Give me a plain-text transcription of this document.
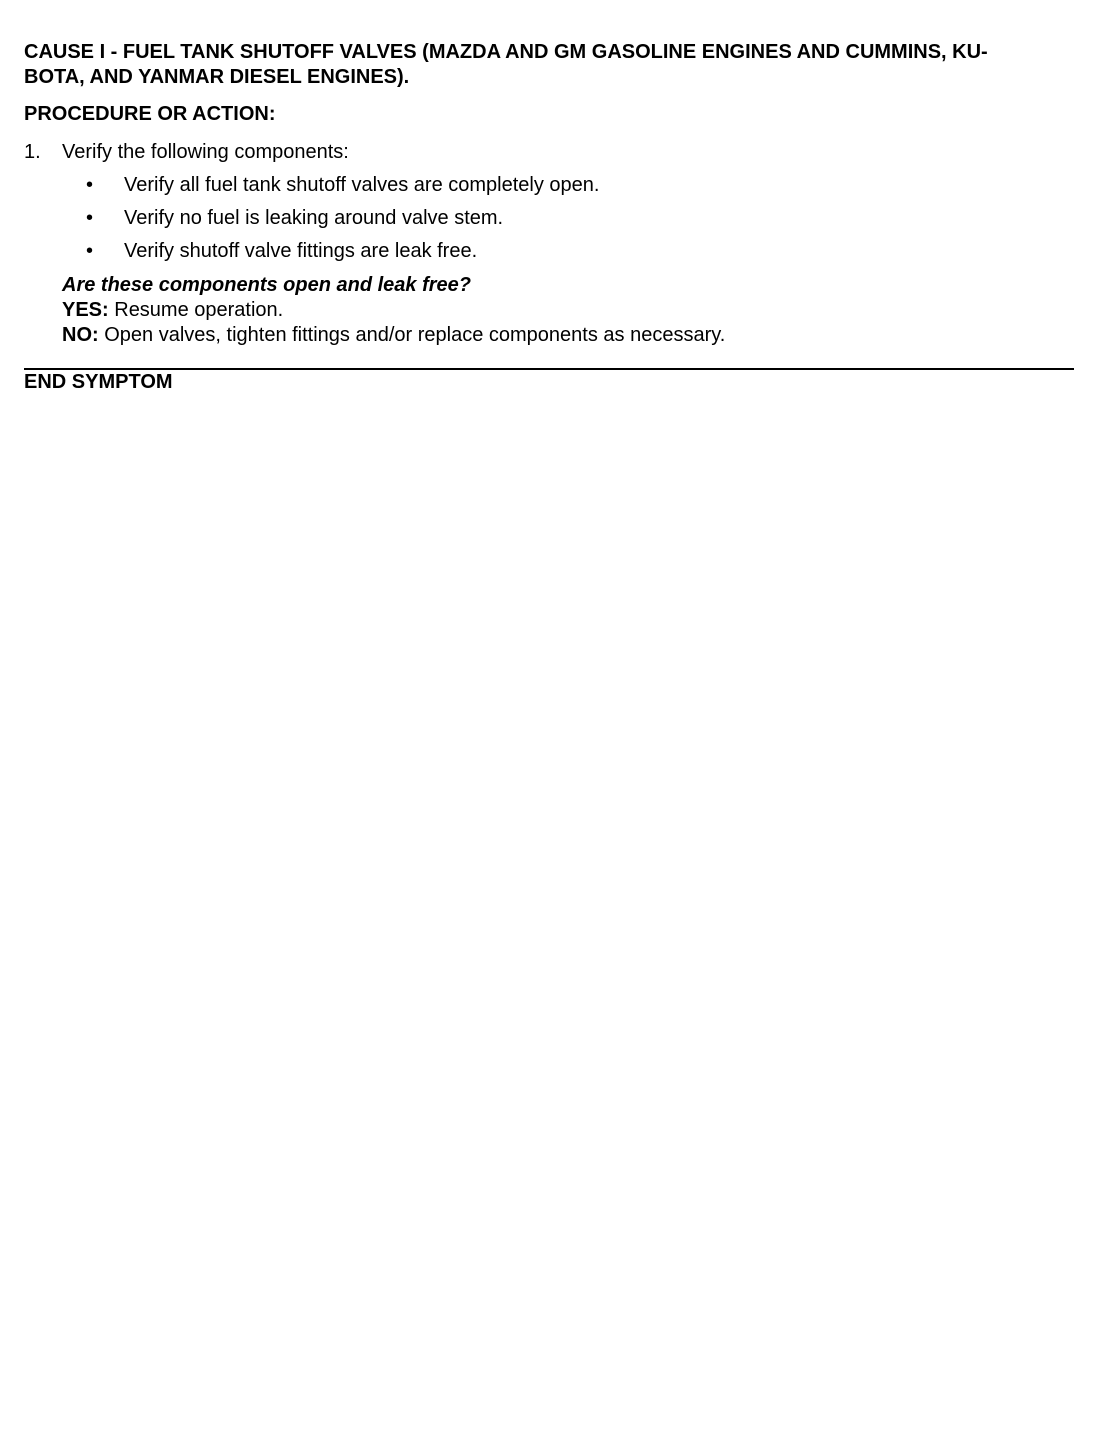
CAUSE I - FUEL TANK SHUTOFF VALVES (MAZDA AND GM GASOLINE ENGINES AND CUMMINS, KU-
BOTA, AND YANMAR DIESEL ENGINES).
PROCEDURE OR ACTION:
1. Verify the following components:
• Verify all fuel tank shutoff valves are completely open.
• Verify no fuel is leaking around valve stem.
• Verify shutoff valve fittings are leak free.
Are these components open and leak free?
YES: Resume operation.
NO: Open valves, tighten fittings and/or replace components as necessary.
END SYMPTOM
